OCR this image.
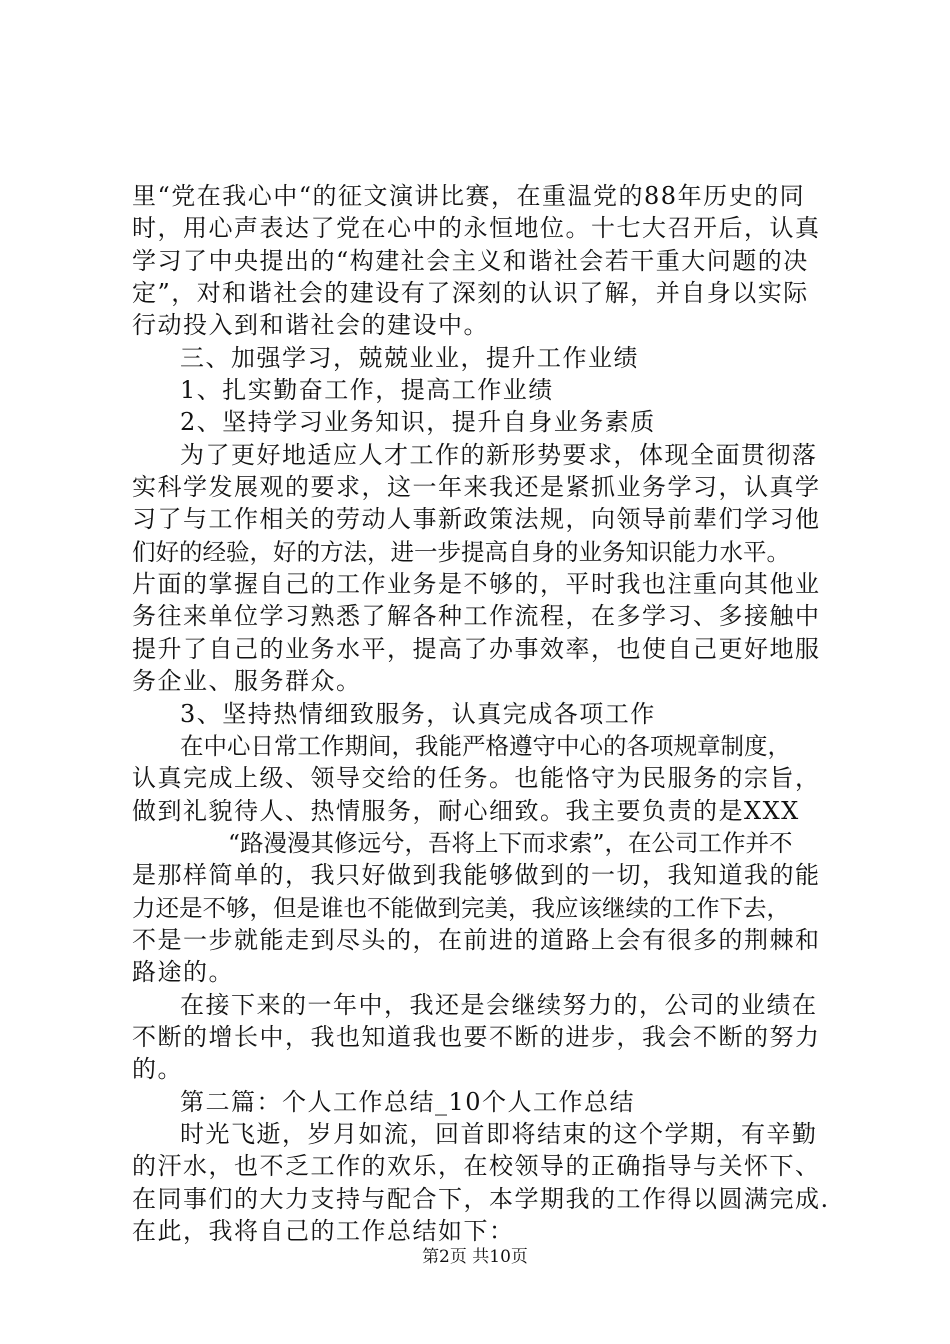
里“党在我心中“的征文演讲比赛，在重温党的88年历史的同
时，用心声表达了党在心中的永恒地位。十七大召开后，认真
学习了中央提出的“构建社会主义和谐社会若干重大问题的决
定”，对和谐社会的建设有了深刻的认识了解，并自身以实际
行动投入到和谐社会的建设中。
三、加强学习，兢兢业业，提升工作业绩
1、扎实勤奋工作，提高工作业绩
2、坚持学习业务知识，提升自身业务素质
为了更好地适应人才工作的新形势要求，体现全面贯彻落
实科学发展观的要求，这一年来我还是紧抓业务学习，认真学
习了与工作相关的劳动人事新政策法规，向领导前辈们学习他
们好的经验，好的方法，进一步提高自身的业务知识能力水平。
片面的掌握自己的工作业务是不够的，平时我也注重向其他业
务往来单位学习熟悉了解各种工作流程，在多学习、多接触中
提升了自己的业务水平，提高了办事效率，也使自己更好地服
务企业、服务群众。
3、坚持热情细致服务，认真完成各项工作
在中心日常工作期间，我能严格遵守中心的各项规章制度，
认真完成上级、领导交给的任务。也能恪守为民服务的宗旨，
做到礼貌待人、热情服务，耐心细致。我主要负责的是XXX
“路漫漫其修远兮，吾将上下而求索”，在公司工作并不
是那样简单的，我只好做到我能够做到的一切，我知道我的能
力还是不够，但是谁也不能做到完美，我应该继续的工作下去，
不是一步就能走到尽头的，在前进的道路上会有很多的荆棘和
路途的。
在接下来的一年中，我还是会继续努力的，公司的业绩在
不断的增长中，我也知道我也要不断的进步，我会不断的努力
的。
第二篇：个人工作总结_10个人工作总结
时光飞逝，岁月如流，回首即将结束的这个学期，有辛勤
的汗水，也不乏工作的欢乐，在校领导的正确指导与关怀下、
在同事们的大力支持与配合下，本学期我的工作得以圆满完成.
在此，我将自己的工作总结如下：
第2页 共10页
